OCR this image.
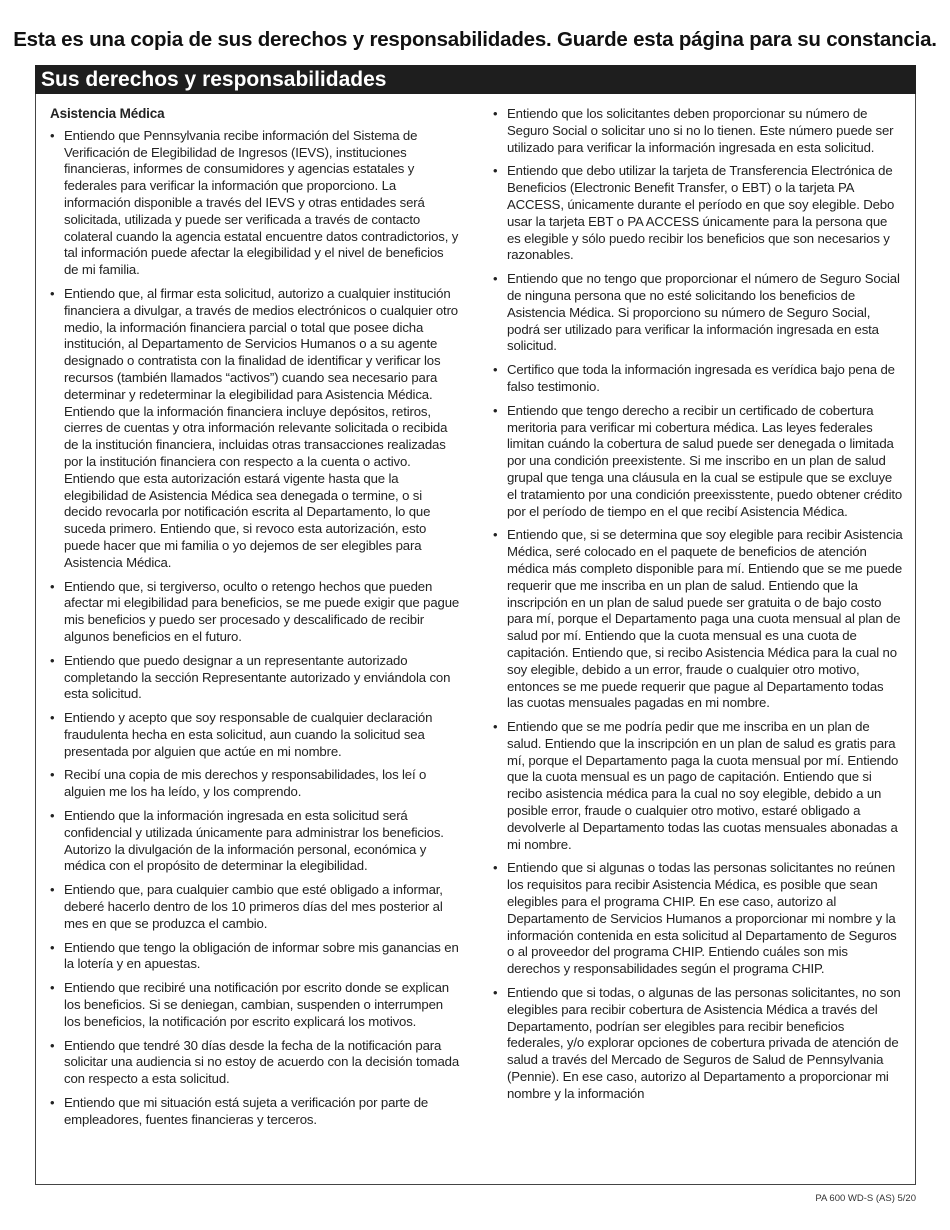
Esta es una copia de sus derechos y responsabilidades. Guarde esta página para su constancia.
Sus derechos y responsabilidades
Asistencia Médica
• Entiendo que Pennsylvania recibe información del Sistema de Verificación de Elegibilidad de Ingresos (IEVS), instituciones financieras, informes de consumidores y agencias estatales y federales para verificar la información que proporciono. La información disponible a través del IEVS y otras entidades será solicitada, utilizada y puede ser verificada a través de contacto colateral cuando la agencia estatal encuentre datos contradictorios, y tal información puede afectar la elegibilidad y el nivel de beneficios de mi familia.
• Entiendo que, al firmar esta solicitud, autorizo a cualquier institución financiera a divulgar, a través de medios electrónicos o cualquier otro medio, la información financiera parcial o total que posee dicha institución, al Departamento de Servicios Humanos o a su agente designado o contratista con la finalidad de identificar y verificar los recursos (también llamados “activos”) cuando sea necesario para determinar y redeterminar la elegibilidad para Asistencia Médica. Entiendo que la información financiera incluye depósitos, retiros, cierres de cuentas y otra información relevante solicitada o recibida de la institución financiera, incluidas otras transacciones realizadas por la institución financiera con respecto a la cuenta o activo. Entiendo que esta autorización estará vigente hasta que la elegibilidad de Asistencia Médica sea denegada o termine, o si decido revocarla por notificación escrita al Departamento, lo que suceda primero. Entiendo que, si revoco esta autorización, esto puede hacer que mi familia o yo dejemos de ser elegibles para Asistencia Médica.
• Entiendo que, si tergiverso, oculto o retengo hechos que pueden afectar mi elegibilidad para beneficios, se me puede exigir que pague mis beneficios y puedo ser procesado y descalificado de recibir algunos beneficios en el futuro.
• Entiendo que puedo designar a un representante autorizado completando la sección Representante autorizado y enviándola con esta solicitud.
• Entiendo y acepto que soy responsable de cualquier declaración fraudulenta hecha en esta solicitud, aun cuando la solicitud sea presentada por alguien que actúe en mi nombre.
• Recibí una copia de mis derechos y responsabilidades, los leí o alguien me los ha leído, y los comprendo.
• Entiendo que la información ingresada en esta solicitud será confidencial y utilizada únicamente para administrar los beneficios. Autorizo la divulgación de la información personal, económica y médica con el propósito de determinar la elegibilidad.
• Entiendo que, para cualquier cambio que esté obligado a informar, deberé hacerlo dentro de los 10 primeros días del mes posterior al mes en que se produzca el cambio.
• Entiendo que tengo la obligación de informar sobre mis ganancias en la lotería y en apuestas.
• Entiendo que recibiré una notificación por escrito donde se explican los beneficios. Si se deniegan, cambian, suspenden o interrumpen los beneficios, la notificación por escrito explicará los motivos.
• Entiendo que tendré 30 días desde la fecha de la notificación para solicitar una audiencia si no estoy de acuerdo con la decisión tomada con respecto a esta solicitud.
• Entiendo que mi situación está sujeta a verificación por parte de empleadores, fuentes financieras y terceros.
• Entiendo que los solicitantes deben proporcionar su número de Seguro Social o solicitar uno si no lo tienen. Este número puede ser utilizado para verificar la información ingresada en esta solicitud.
• Entiendo que debo utilizar la tarjeta de Transferencia Electrónica de Beneficios (Electronic Benefit Transfer, o EBT) o la tarjeta PA ACCESS, únicamente durante el período en que soy elegible. Debo usar la tarjeta EBT o PA ACCESS únicamente para la persona que es elegible y sólo puedo recibir los beneficios que son necesarios y razonables.
• Entiendo que no tengo que proporcionar el número de Seguro Social de ninguna persona que no esté solicitando los beneficios de Asistencia Médica. Si proporciono su número de Seguro Social, podrá ser utilizado para verificar la información ingresada en esta solicitud.
• Certifico que toda la información ingresada es verídica bajo pena de falso testimonio.
• Entiendo que tengo derecho a recibir un certificado de cobertura meritoria para verificar mi cobertura médica. Las leyes federales limitan cuándo la cobertura de salud puede ser denegada o limitada por una condición preexistente. Si me inscribo en un plan de salud grupal que tenga una cláusula en la cual se estipule que se excluye el tratamiento por una condición preexisstente, puedo obtener crédito por el período de tiempo en el que recibí Asistencia Médica.
• Entiendo que, si se determina que soy elegible para recibir Asistencia Médica, seré colocado en el paquete de beneficios de atención médica más completo disponible para mí. Entiendo que se me puede requerir que me inscriba en un plan de salud. Entiendo que la inscripción en un plan de salud puede ser gratuita o de bajo costo para mí, porque el Departamento paga una cuota mensual al plan de salud por mí. Entiendo que la cuota mensual es una cuota de capitación. Entiendo que, si recibo Asistencia Médica para la cual no soy elegible, debido a un error, fraude o cualquier otro motivo, entonces se me puede requerir que pague al Departamento todas las cuotas mensuales pagadas en mi nombre.
• Entiendo que se me podría pedir que me inscriba en un plan de salud. Entiendo que la inscripción en un plan de salud es gratis para mí, porque el Departamento paga la cuota mensual por mí. Entiendo que la cuota mensual es un pago de capitación. Entiendo que si recibo asistencia médica para la cual no soy elegible, debido a un posible error, fraude o cualquier otro motivo, estaré obligado a devolverle al Departamento todas las cuotas mensuales abonadas a mi nombre.
• Entiendo que si algunas o todas las personas solicitantes no reúnen los requisitos para recibir Asistencia Médica, es posible que sean elegibles para el programa CHIP. En ese caso, autorizo al Departamento de Servicios Humanos a proporcionar mi nombre y la información contenida en esta solicitud al Departamento de Seguros o al proveedor del programa CHIP. Entiendo cuáles son mis derechos y responsabilidades según el programa CHIP.
• Entiendo que si todas, o algunas de las personas solicitantes, no son elegibles para recibir cobertura de Asistencia Médica a través del Departamento, podrían ser elegibles para recibir beneficios federales, y/o explorar opciones de cobertura privada de atención de salud a través del Mercado de Seguros de Salud de Pennsylvania (Pennie). En ese caso, autorizo al Departamento a proporcionar mi nombre y la información
PA 600 WD-S (AS) 5/20
